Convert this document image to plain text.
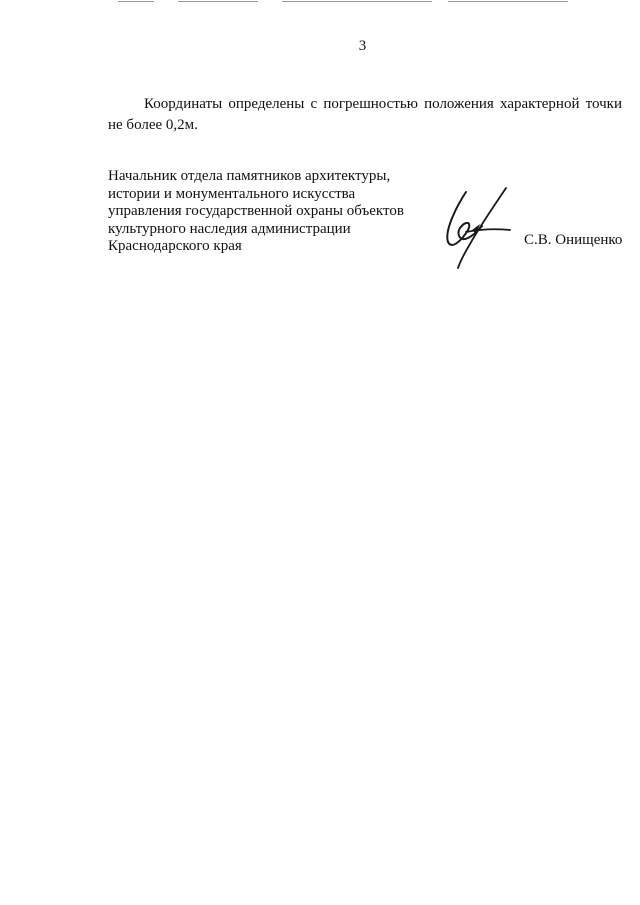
3
Координаты определены с погрешностью положения характерной точки
не более 0,2м.
Начальник отдела памятников архитектуры,
истории и монументального искусства
управления государственной охраны объектов
культурного наследия администрации
Краснодарского края	С.В. Онищенко
